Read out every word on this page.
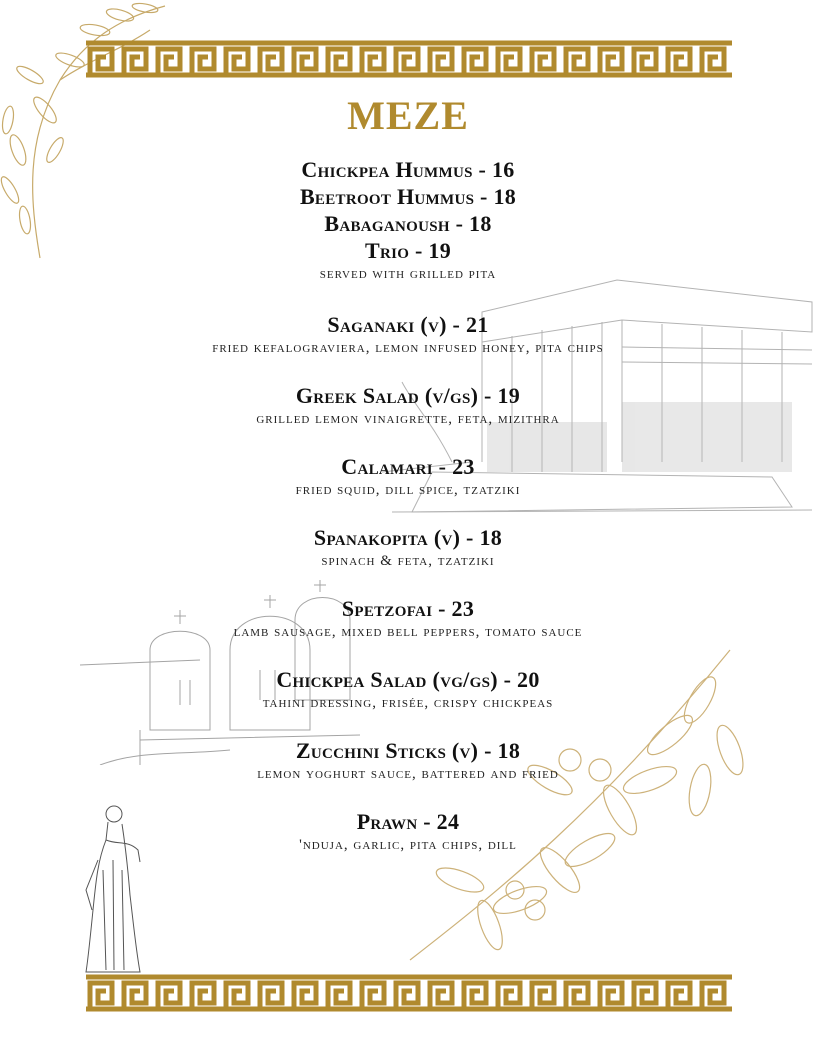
MEZE
Chickpea Hummus - 16
Beetroot Hummus - 18
Babaganoush - 18
Trio - 19
served with grilled pita
Saganaki (v) - 21
fried kefalograviera, lemon infused honey, pita chips
Greek Salad (v/gs) - 19
grilled lemon vinaigrette, feta, mizithra
Calamari - 23
fried squid, dill spice, tzatziki
Spanakopita (v) - 18
spinach & feta, tzatziki
Spetzofai - 23
lamb sausage, mixed bell peppers, tomato sauce
Chickpea Salad (vg/gs) - 20
tahini dressing, frisée, crispy chickpeas
Zucchini Sticks (v) - 18
lemon yoghurt sauce, battered and fried
Prawn - 24
'nduja, garlic, pita chips, dill
